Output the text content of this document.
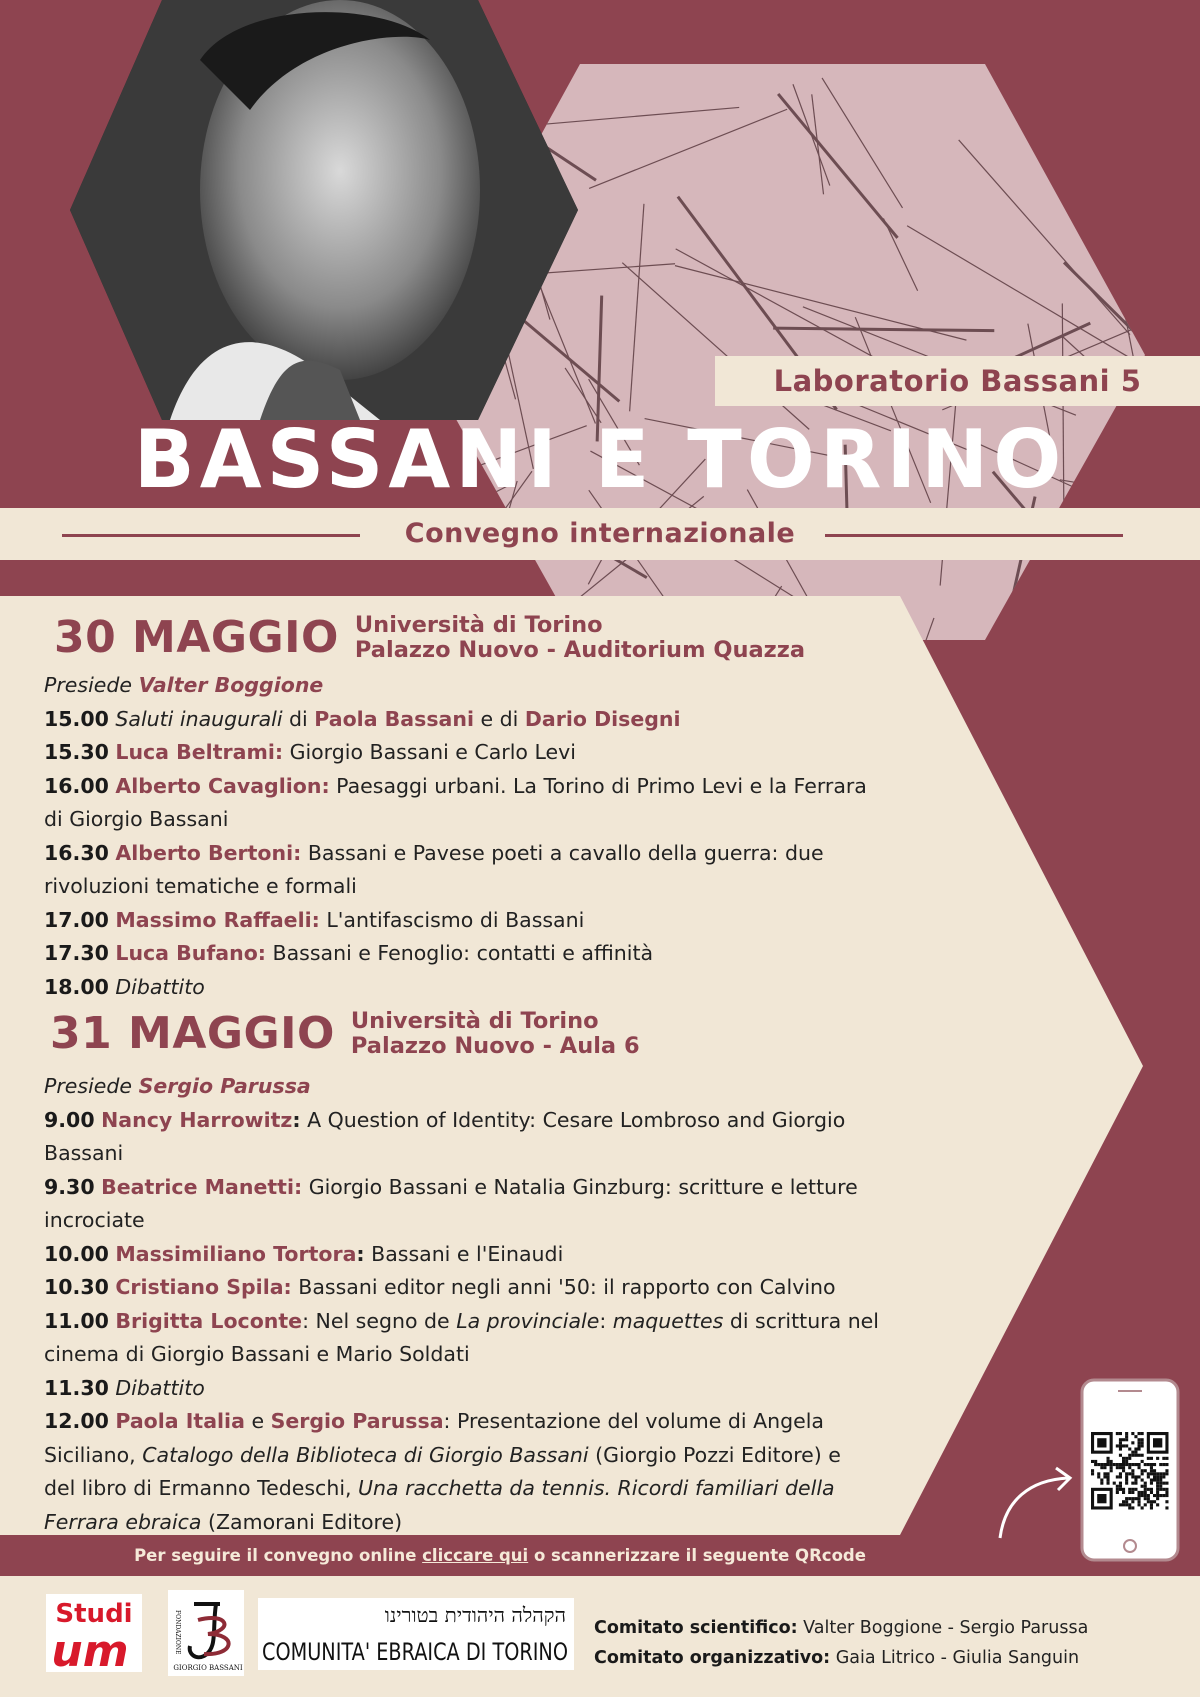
Laboratorio Bassani 5
BASSANI E TORINO
Convegno internazionale
30 MAGGIO Università di Torino
Palazzo Nuovo - Auditorium Quazza
Presiede Valter Boggione
15.00 Saluti inaugurali di Paola Bassani e di Dario Disegni
15.30 Luca Beltrami: Giorgio Bassani e Carlo Levi
16.00 Alberto Cavaglion: Paesaggi urbani. La Torino di Primo Levi e la Ferrara
di Giorgio Bassani
16.30 Alberto Bertoni: Bassani e Pavese poeti a cavallo della guerra: due
rivoluzioni tematiche e formali
17.00 Massimo Raffaeli: L'antifascismo di Bassani
17.30 Luca Bufano: Bassani e Fenoglio: contatti e affinità
18.00 Dibattito
31 MAGGIO Università di Torino
Palazzo Nuovo - Aula 6
Presiede Sergio Parussa
9.00 Nancy Harrowitz: A Question of Identity: Cesare Lombroso and Giorgio
Bassani
9.30 Beatrice Manetti: Giorgio Bassani e Natalia Ginzburg: scritture e letture
incrociate
10.00 Massimiliano Tortora: Bassani e l'Einaudi
10.30 Cristiano Spila: Bassani editor negli anni '50: il rapporto con Calvino
11.00 Brigitta Loconte: Nel segno de La provinciale: maquettes di scrittura nel
cinema di Giorgio Bassani e Mario Soldati
11.30 Dibattito
12.00 Paola Italia e Sergio Parussa: Presentazione del volume di Angela
Siciliano, Catalogo della Biblioteca di Giorgio Bassani (Giorgio Pozzi Editore) e
del libro di Ermanno Tedeschi, Una racchetta da tennis. Ricordi familiari della
Ferrara ebraica (Zamorani Editore)
Per seguire il convegno online cliccare qui o scannerizzare il seguente QRcode
Studi
um	GIORGIO BASSANI
FONDAZIONE	הקהלה היהודית בטורינו
COMUNITA' EBRAICA DI TORINO
Comitato scientifico: Valter Boggione - Sergio Parussa
Comitato organizzativo: Gaia Litrico - Giulia Sanguin
